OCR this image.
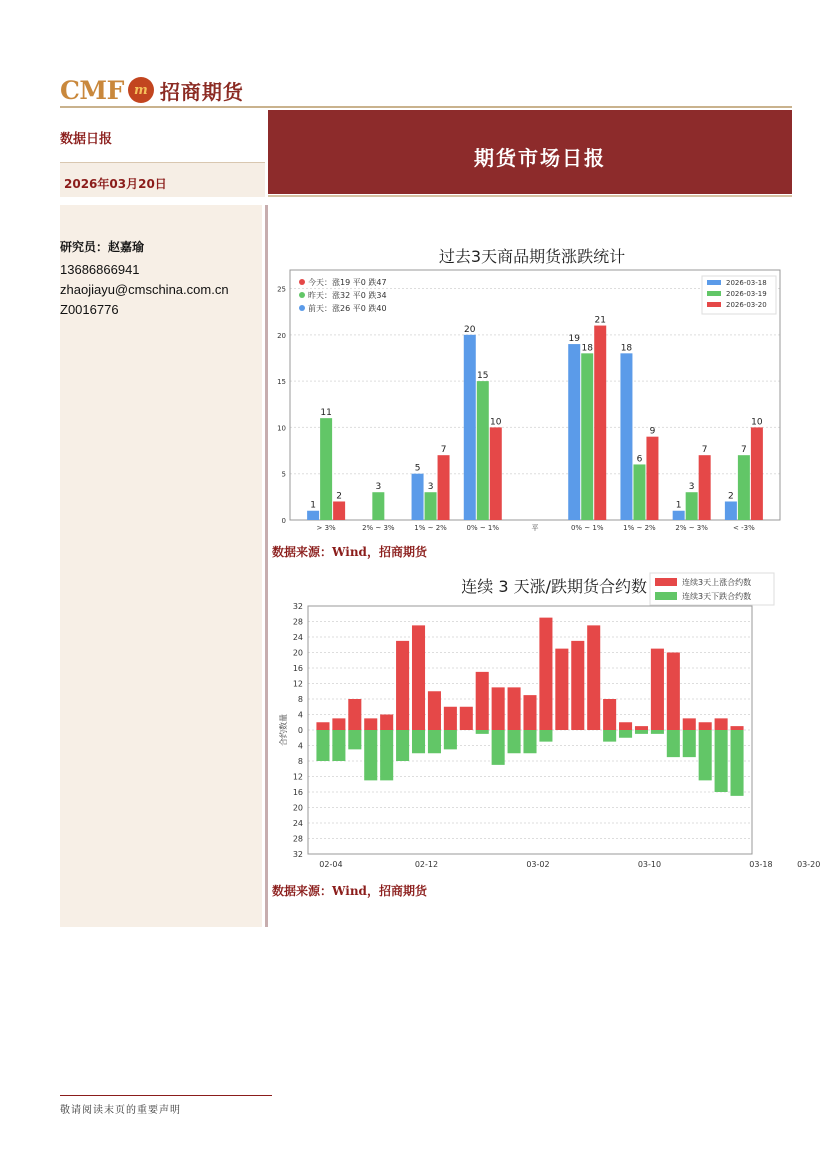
CMF m 招商期货
数据日报
2026年03月20日
期货市场日报
研究员：赵嘉瑜
13686866941
zhaojiayu@cmschina.com.cn
Z0016776
过去3天商品期货涨跌统计
1
11
2
3
5
3
7
20
15
10
19
18
21
18
6
9
1
3
7
2
7
10
0
5
10
15
20
25
> 3%	2% ~ 3%	1% ~ 2%	0% ~ 1%	平	0% ~ 1%	1% ~ 2%	2% ~ 3%	< -3%
今天：涨19 平0 跌47
昨天：涨32 平0 跌34
前天：涨26 平0 跌40
2026-03-18
2026-03-19
2026-03-20
数据来源：Wind，招商期货
连续 3 天涨/跌期货合约数
32
28
24
20
16
12
8
4
0
4
8
12
16
20
24
28
32
02-04	02-12	03-02	03-10	03-18	03-20
合约数量
连续3天上涨合约数
连续3天下跌合约数
数据来源：Wind，招商期货
敬请阅读末页的重要声明
